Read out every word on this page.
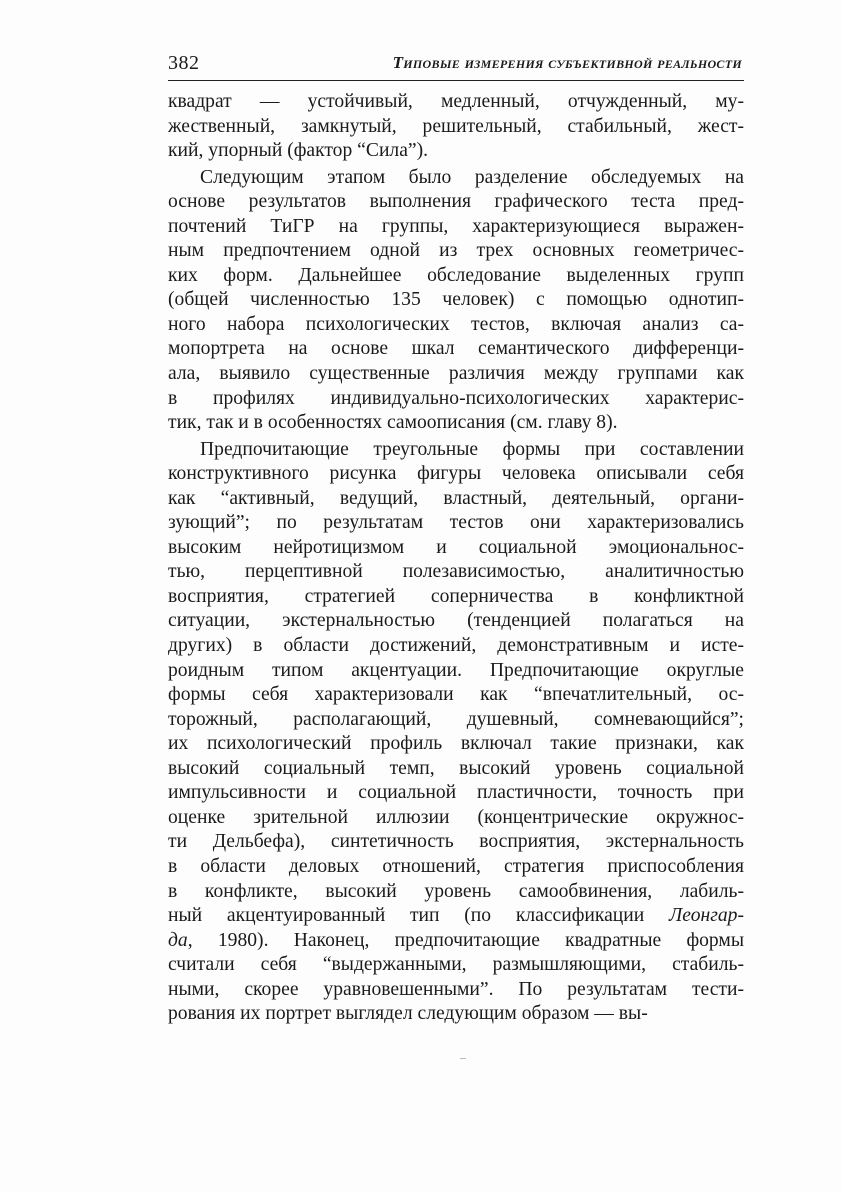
382	Типовые измерения субъективной реальности
квадрат — устойчивый, медленный, отчужденный, му-
жественный, замкнутый, решительный, стабильный, жест-
кий, упорный (фактор “Сила”).
Следующим этапом было разделение обследуемых на
основе результатов выполнения графического теста пред-
почтений ТиГР на группы, характеризующиеся выражен-
ным предпочтением одной из трех основных геометричес-
ких форм. Дальнейшее обследование выделенных групп
(общей численностью 135 человек) с помощью однотип-
ного набора психологических тестов, включая анализ са-
мопортрета на основе шкал семантического дифференци-
ала, выявило существенные различия между группами как
в профилях индивидуально-психологических характерис-
тик, так и в особенностях самоописания (см. главу 8).
Предпочитающие треугольные формы при составлении
конструктивного рисунка фигуры человека описывали себя
как “активный, ведущий, властный, деятельный, органи-
зующий”; по результатам тестов они характеризовались
высоким нейротицизмом и социальной эмоциональнос-
тью, перцептивной полезависимостью, аналитичностью
восприятия, стратегией соперничества в конфликтной
ситуации, экстернальностью (тенденцией полагаться на
других) в области достижений, демонстративным и исте-
роидным типом акцентуации. Предпочитающие округлые
формы себя характеризовали как “впечатлительный, ос-
торожный, располагающий, душевный, сомневающийся”;
их психологический профиль включал такие признаки, как
высокий социальный темп, высокий уровень социальной
импульсивности и социальной пластичности, точность при
оценке зрительной иллюзии (концентрические окружнос-
ти Дельбефа), синтетичность восприятия, экстернальность
в области деловых отношений, стратегия приспособления
в конфликте, высокий уровень самообвинения, лабиль-
ный акцентуированный тип (по классификации Леонгар-
да, 1980). Наконец, предпочитающие квадратные формы
считали себя “выдержанными, размышляющими, стабиль-
ными, скорее уравновешенными”. По результатам тести-
рования их портрет выглядел следующим образом — вы-
